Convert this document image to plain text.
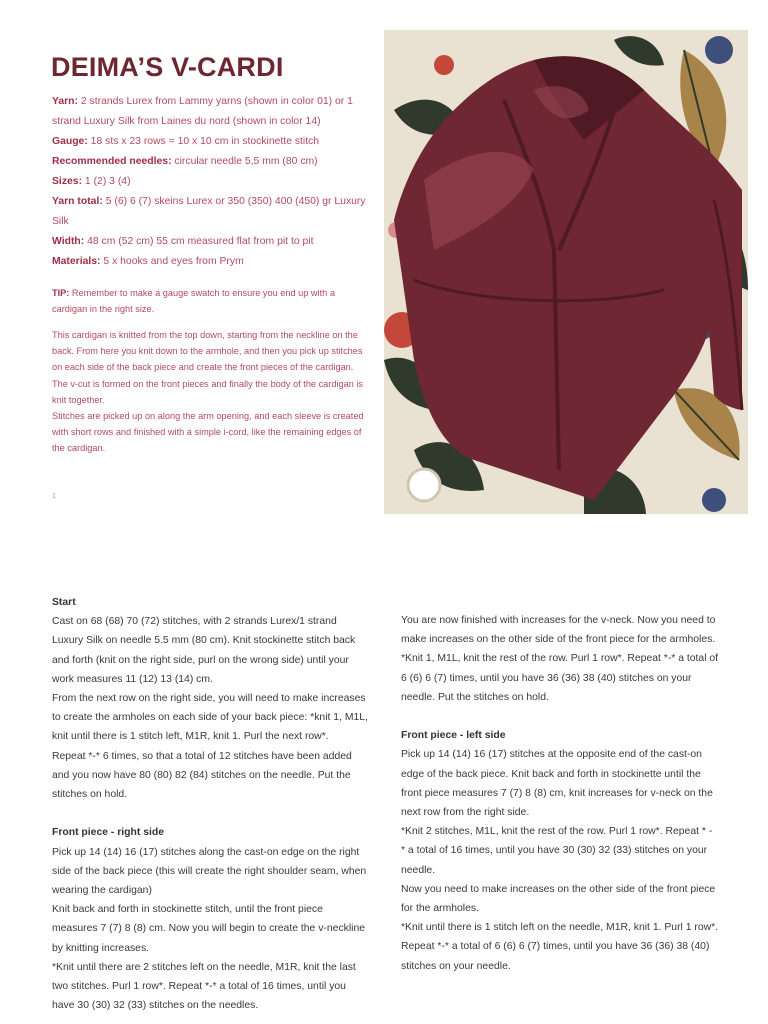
DEIMA’S V-CARDI

Yarn: 2 strands Lurex from Lammy yarns (shown in color 01) or 1 strand Luxury Silk from Laines du nord (shown in color 14)

Gauge: 18 sts x 23 rows = 10 x 10 cm in stockinette stitch

Recommended needles: circular needle 5,5 mm (80 cm)

Sizes: 1 (2) 3 (4)

Yarn total: 5 (6) 6 (7) skeins Lurex or 350 (350) 400 (450) gr Luxury Silk

Width: 48 cm (52 cm) 55 cm measured flat from pit to pit

Materials: 5 x hooks and eyes from Prym

TIP: Remember to make a gauge swatch to ensure you end up with a cardigan in the right size.

This cardigan is knitted from the top down, starting from the neckline on the back. From here you knit down to the armhole, and then you pick up stitches on each side of the back piece and create the front pieces of the cardigan. The v-cut is formed on the front pieces and finally the body of the cardigan is knit together.

Stitches are picked up on along the arm opening, and each sleeve is created with short rows and finished with a simple i-cord, like the remaining edges of the cardigan.

1
Start

Cast on 68 (68) 70 (72) stitches, with 2 strands Lurex/1 strand Luxury Silk on needle 5.5 mm (80 cm). Knit stockinette stitch back and forth (knit on the right side, purl on the wrong side) until your work measures 11 (12) 13 (14) cm.

From the next row on the right side, you will need to make increases to create the armholes on each side of your back piece: *knit 1, M1L, knit until there is 1 stitch left, M1R, knit 1. Purl the next row*.

Repeat *-* 6 times, so that a total of 12 stitches have been added and you now have 80 (80) 82 (84) stitches on the needle. Put the stitches on hold.

Front piece - right side

Pick up 14 (14) 16 (17) stitches along the cast-on edge on the right side of the back piece (this will create the right shoulder seam, when wearing the cardigan)

Knit back and forth in stockinette stitch, until the front piece measures 7 (7) 8 (8) cm. Now you will begin to create the v-neckline by knitting increases.

*Knit until there are 2 stitches left on the needle, M1R, knit the last two stitches. Purl 1 row*. Repeat *-* a total of 16 times, until you have 30 (30) 32 (33) stitches on the needles.

You are now finished with increases for the v-neck. Now you need to make increases on the other side of the front piece for the armholes.

*Knit 1, M1L, knit the rest of the row. Purl 1 row*. Repeat *-* a total of 6 (6) 6 (7) times, until you have 36 (36) 38 (40) stitches on your needle. Put the stitches on hold.

Front piece - left side

Pick up 14 (14) 16 (17) stitches at the opposite end of the cast-on edge of the back piece. Knit back and forth in stockinette until the front piece measures 7 (7) 8 (8) cm, knit increases for v-neck on the next row from the right side.

*Knit 2 stitches, M1L, knit the rest of the row. Purl 1 row*. Repeat * - * a total of 16 times, until you have 30 (30) 32 (33) stitches on your needle.

Now you need to make increases on the other side of the front piece for the armholes.

*Knit until there is 1 stitch left on the needle, M1R, knit 1. Purl 1 row*. Repeat *-* a total of 6 (6) 6 (7) times, until you have 36 (36) 38 (40) stitches on your needle.
